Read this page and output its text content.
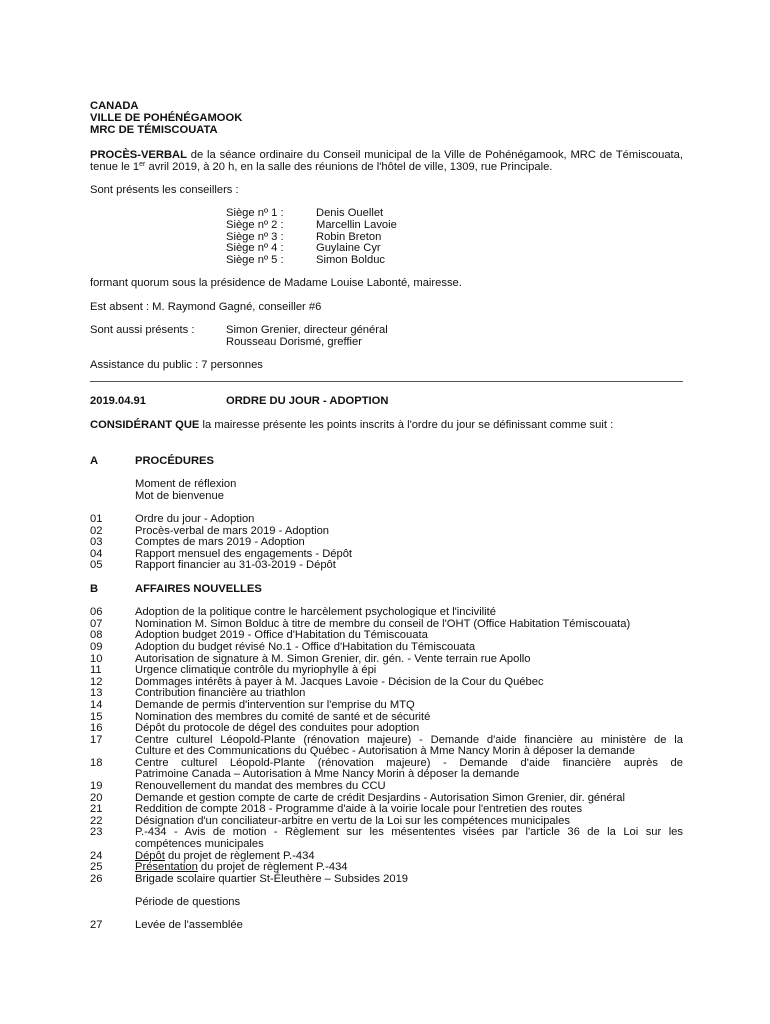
CANADA
VILLE DE POHÉNÉGAMOOK
MRC DE TÉMISCOUATA
PROCÈS-VERBAL de la séance ordinaire du Conseil municipal de la Ville de Pohénégamook, MRC de Témiscouata, tenue le 1er avril 2019, à 20 h, en la salle des réunions de l'hôtel de ville, 1309, rue Principale.
Sont présents les conseillers :
Siège nº 1 :	Denis Ouellet
Siège nº 2 :	Marcellin Lavoie
Siège nº 3 :	Robin Breton
Siège nº 4 :	Guylaine Cyr
Siège nº 5 :	Simon Bolduc
formant quorum sous la présidence de Madame Louise Labonté, mairesse.
Est absent : M. Raymond Gagné, conseiller #6
Sont aussi présents :	Simon Grenier, directeur général
Rousseau Dorismé, greffier
Assistance du public : 7 personnes
2019.04.91	ORDRE DU JOUR - ADOPTION
CONSIDÉRANT QUE la mairesse présente les points inscrits à l'ordre du jour se définissant comme suit :
A	PROCÉDURES
Moment de réflexion
Mot de bienvenue
01	Ordre du jour - Adoption
02	Procès-verbal de mars 2019 - Adoption
03	Comptes de mars 2019 - Adoption
04	Rapport mensuel des engagements - Dépôt
05	Rapport financier au 31-03-2019 - Dépôt
B	AFFAIRES NOUVELLES
06	Adoption de la politique contre le harcèlement psychologique et l'incivilité
07	Nomination M. Simon Bolduc à titre de membre du conseil de l'OHT (Office Habitation Témiscouata)
08	Adoption budget 2019 - Office d'Habitation du Témiscouata
09	Adoption du budget révisé No.1 - Office d'Habitation du Témiscouata
10	Autorisation de signature à M. Simon Grenier, dir. gén. - Vente terrain rue Apollo
11	Urgence climatique contrôle du myriophylle à épi
12	Dommages intérêts à payer à M. Jacques Lavoie - Décision de la Cour du Québec
13	Contribution financière au triathlon
14	Demande de permis d'intervention sur l'emprise du MTQ
15	Nomination des membres du comité de santé et de sécurité
16	Dépôt du protocole de dégel des conduites pour adoption
17	Centre culturel Léopold-Plante (rénovation majeure) - Demande d'aide financière au ministère de la
Culture et des Communications du Québec - Autorisation à Mme Nancy Morin à déposer la demande
18	Centre culturel Léopold-Plante (rénovation majeure) - Demande d'aide financière auprès de
Patrimoine Canada – Autorisation à Mme Nancy Morin à déposer la demande
19	Renouvellement du mandat des membres du CCU
20	Demande et gestion compte de carte de crédit Desjardins - Autorisation Simon Grenier, dir. général
21	Reddition de compte 2018 - Programme d'aide à la voirie locale pour l'entretien des routes
22	Désignation d'un conciliateur-arbitre en vertu de la Loi sur les compétences municipales
23	P.-434 - Avis de motion - Règlement sur les mésententes visées par l'article 36 de la Loi sur les
compétences municipales
24	Dépôt du projet de règlement P.-434
25	Présentation du projet de règlement P.-434
26	Brigade scolaire quartier St-Éleuthère – Subsides 2019
Période de questions
27	Levée de l'assemblée
